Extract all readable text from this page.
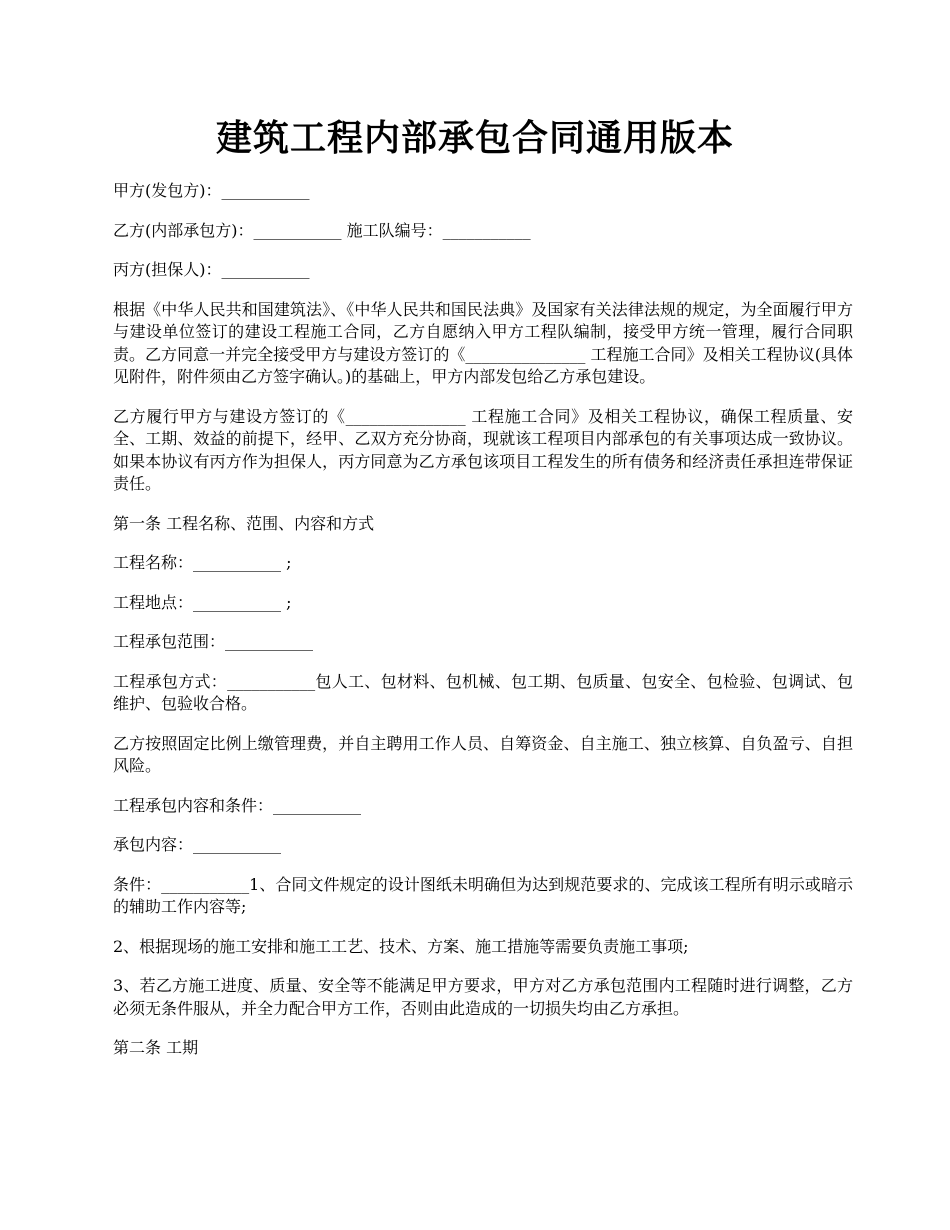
建筑工程内部承包合同通用版本

甲方(发包方)：___________

乙方(内部承包方)：___________ 施工队编号：___________

丙方(担保人)：___________

根据《中华人民共和国建筑法》、《中华人民共和国民法典》及国家有关法律法规的规定，为全面履行甲方与建设单位签订的建设工程施工合同，乙方自愿纳入甲方工程队编制，接受甲方统一管理，履行合同职责。乙方同意一并完全接受甲方与建设方签订的《_______________ 工程施工合同》及相关工程协议(具体见附件，附件须由乙方签字确认。)的基础上，甲方内部发包给乙方承包建设。

乙方履行甲方与建设方签订的《_______________ 工程施工合同》及相关工程协议，确保工程质量、安全、工期、效益的前提下，经甲、乙双方充分协商，现就该工程项目内部承包的有关事项达成一致协议。如果本协议有丙方作为担保人，丙方同意为乙方承包该项目工程发生的所有债务和经济责任承担连带保证责任。

第一条 工程名称、范围、内容和方式

工程名称：___________ ;

工程地点：___________ ;

工程承包范围：___________

工程承包方式：___________包人工、包材料、包机械、包工期、包质量、包安全、包检验、包调试、包维护、包验收合格。

乙方按照固定比例上缴管理费，并自主聘用工作人员、自筹资金、自主施工、独立核算、自负盈亏、自担风险。

工程承包内容和条件：___________

承包内容：___________

条件：___________1、合同文件规定的设计图纸未明确但为达到规范要求的、完成该工程所有明示或暗示的辅助工作内容等;

2、根据现场的施工安排和施工工艺、技术、方案、施工措施等需要负责施工事项;

3、若乙方施工进度、质量、安全等不能满足甲方要求，甲方对乙方承包范围内工程随时进行调整，乙方必须无条件服从，并全力配合甲方工作，否则由此造成的一切损失均由乙方承担。

第二条 工期
